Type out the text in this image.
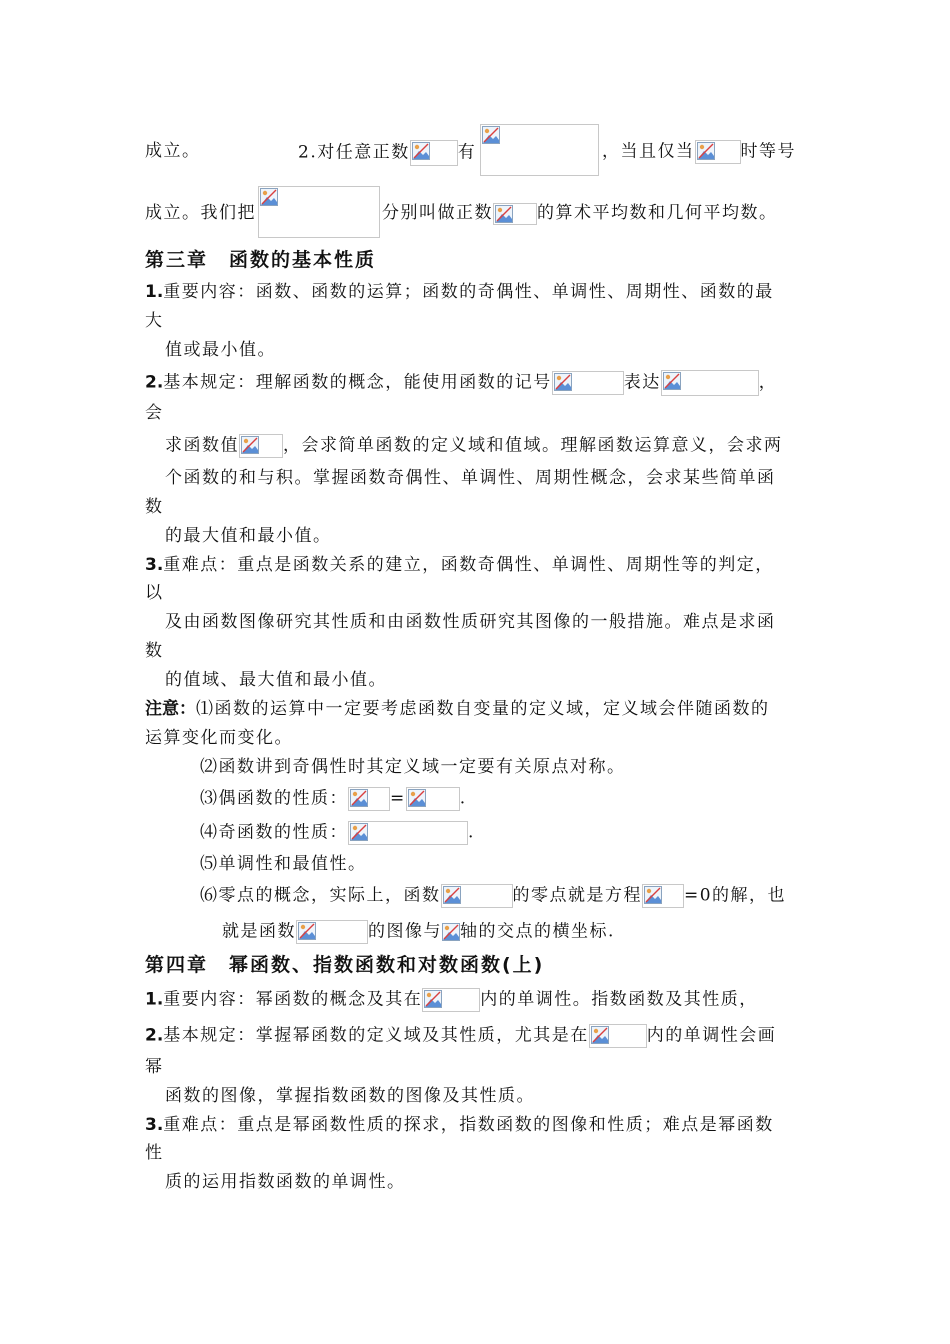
成立。	2.对任意正数	有	，当且仅当	时等号
成立。我们把	分别叫做正数	的算术平均数和几何平均数。
第三章　函数的基本性质
1.重要内容：函数、函数的运算；函数的奇偶性、单调性、周期性、函数的最
大
值或最小值。
2.基本规定：理解函数的概念，能使用函数的记号	表达	，
会
求函数值	，会求简单函数的定义域和值域。理解函数运算意义，会求两
个函数的和与积。掌握函数奇偶性、单调性、周期性概念，会求某些简单函
数
的最大值和最小值。
3.重难点：重点是函数关系的建立，函数奇偶性、单调性、周期性等的判定，
以
及由函数图像研究其性质和由函数性质研究其图像的一般措施。难点是求函
数
的值域、最大值和最小值。
注意：⑴函数的运算中一定要考虑函数自变量的定义域，定义域会伴随函数的
运算变化而变化。
⑵函数讲到奇偶性时其定义域一定要有关原点对称。
⑶偶函数的性质： =	.
⑷奇函数的性质：	.
⑸单调性和最值性。
⑹零点的概念，实际上，函数	的零点就是方程 =0的解，也
就是函数	的图像与 轴的交点的横坐标.
第四章　幂函数、指数函数和对数函数(上)
1.重要内容：幂函数的概念及其在	内的单调性。指数函数及其性质，
2.基本规定：掌握幂函数的定义域及其性质，尤其是在	内的单调性会画
幂
函数的图像，掌握指数函数的图像及其性质。
3.重难点：重点是幂函数性质的探求，指数函数的图像和性质；难点是幂函数
性
质的运用指数函数的单调性。
